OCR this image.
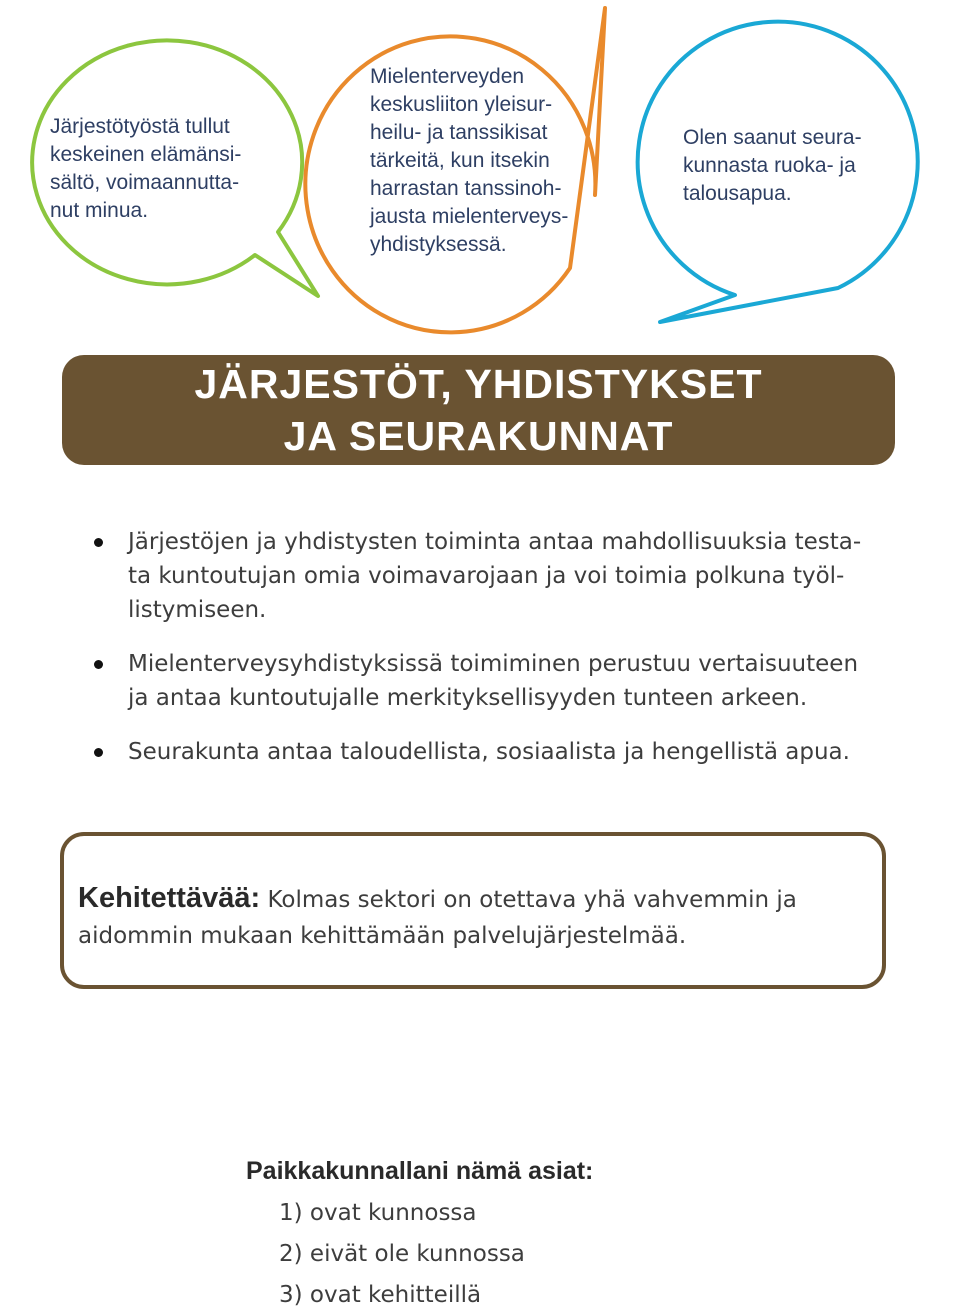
Järjestötyöstä tullut
keskeinen elämänsi-
sältö, voimaannutta-
nut minua.

Mielenterveyden
keskusliiton yleisur-
heilu- ja tanssikisat
tärkeitä, kun itsekin
harrastan tanssinoh-
jausta mielenterveys-
yhdistyksessä.

Olen saanut seura-
kunnasta ruoka- ja
talousapua.

JÄRJESTÖT, YHDISTYKSET
JA SEURAKUNNAT
Järjestöjen ja yhdistysten toiminta antaa mahdollisuuksia testa-
ta kuntoutujan omia voimavarojaan ja voi toimia polkuna työl-
listymiseen.
Mielenterveysyhdistyksissä toimiminen perustuu vertaisuuteen
ja antaa kuntoutujalle merkityksellisyyden tunteen arkeen.
Seurakunta antaa taloudellista, sosiaalista ja hengellistä apua.

Kehitettävää: Kolmas sektori on otettava yhä vahvemmin ja
aidommin mukaan kehittämään palvelujärjestelmää.

Paikkakunnallani nämä asiat:

1) ovat kunnossa
2) eivät ole kunnossa
3) ovat kehitteillä
